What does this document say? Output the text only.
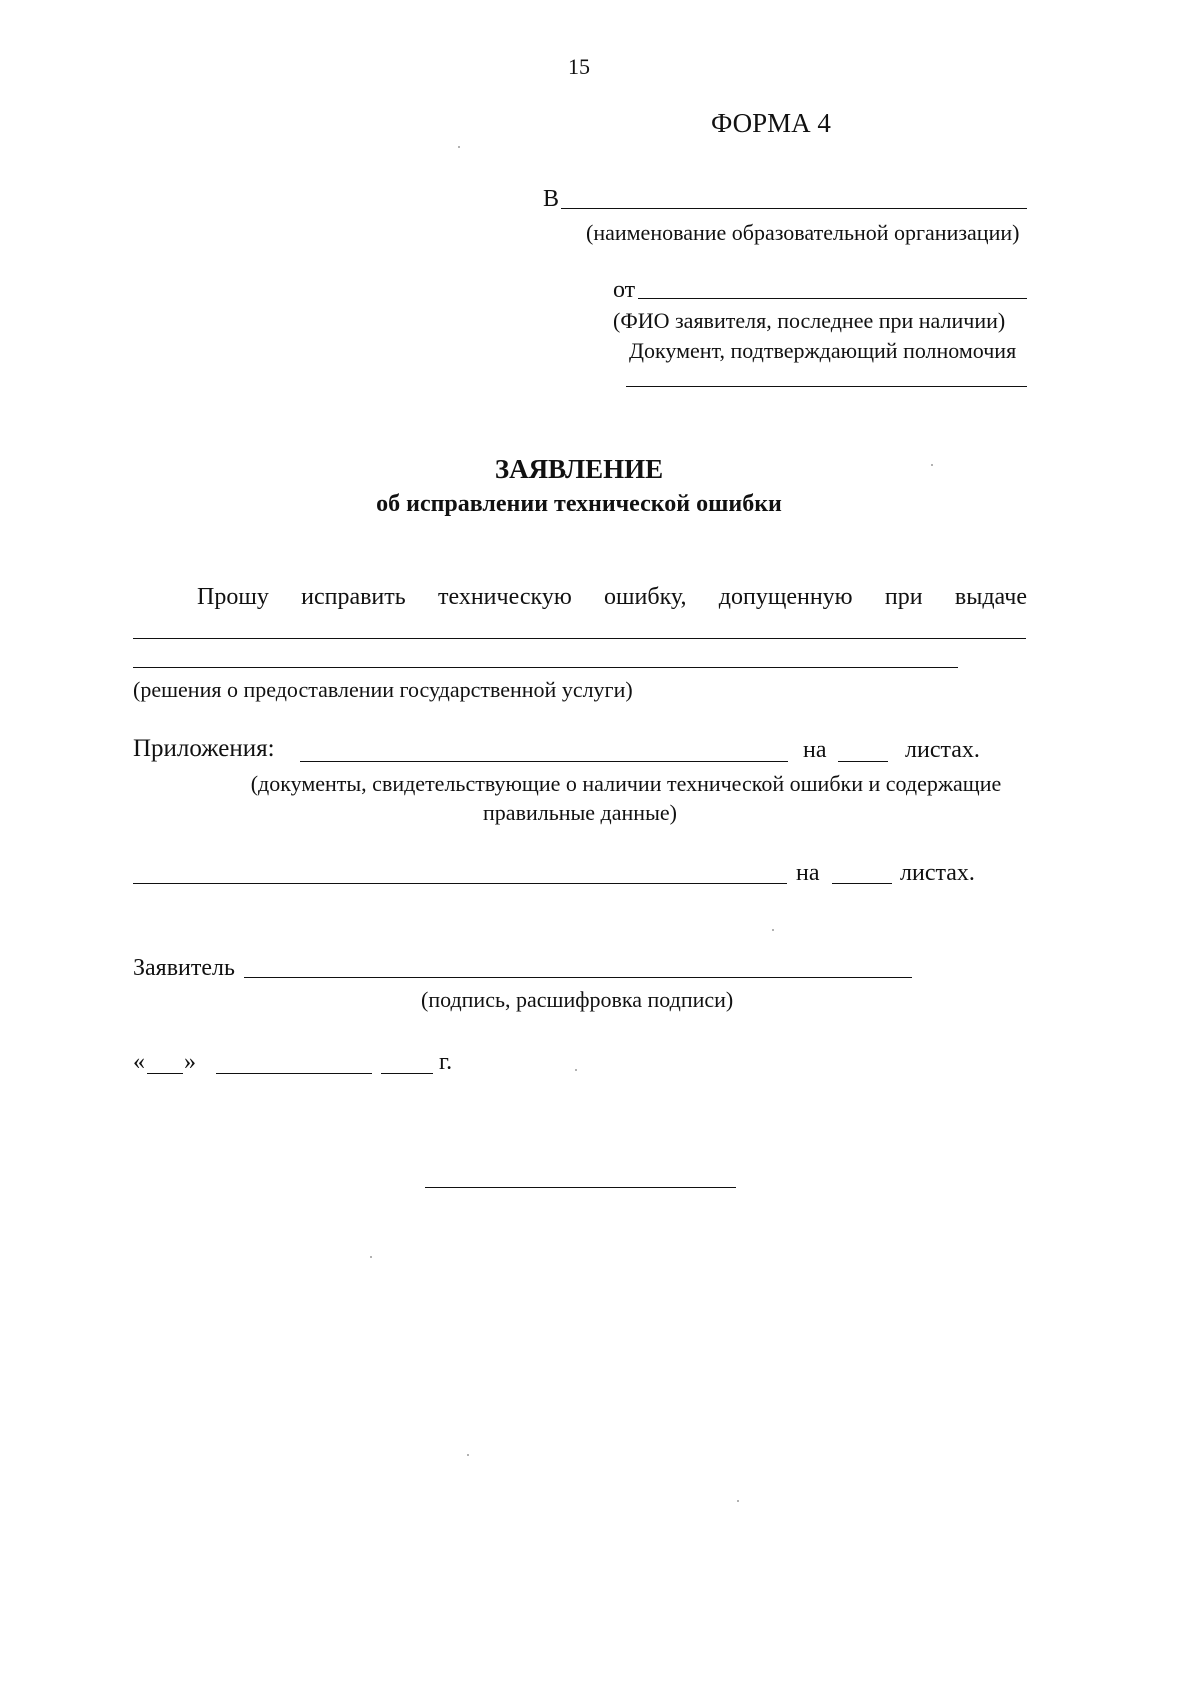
15
ФОРМА 4
В
(наименование образовательной организации)
от
(ФИО заявителя, последнее при наличии)
Документ, подтверждающий полномочия
ЗАЯВЛЕНИЕ
об исправлении технической ошибки
Прошу исправить техническую ошибку, допущенную при выдаче
(решения о предоставлении государственной услуги)
Приложения:	на	листах.
(документы, свидетельствующие о наличии технической ошибки и содержащие
правильные данные)
на	листах.
Заявитель
(подпись, расшифровка подписи)
« »	г.
